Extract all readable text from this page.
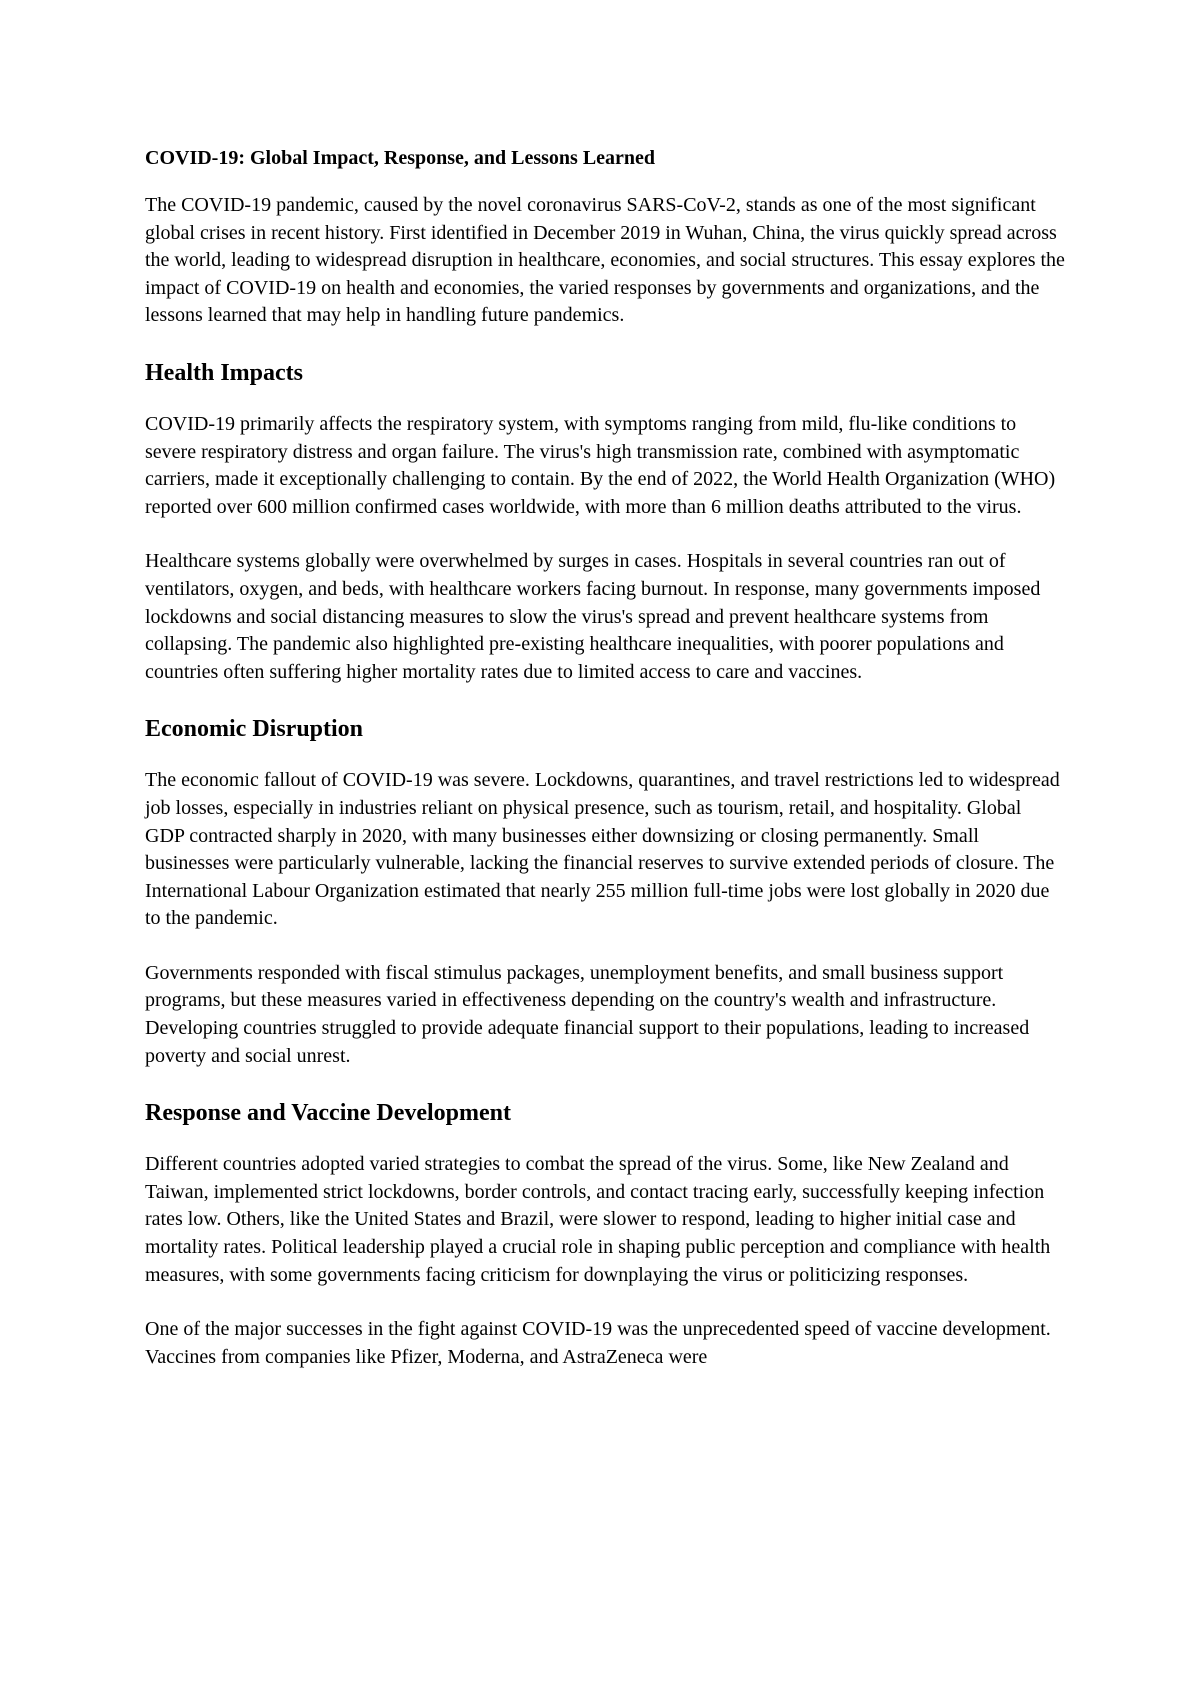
COVID-19: Global Impact, Response, and Lessons Learned

The COVID-19 pandemic, caused by the novel coronavirus SARS-CoV-2, stands as one of the most significant global crises in recent history. First identified in December 2019 in Wuhan, China, the virus quickly spread across the world, leading to widespread disruption in healthcare, economies, and social structures. This essay explores the impact of COVID-19 on health and economies, the varied responses by governments and organizations, and the lessons learned that may help in handling future pandemics.

Health Impacts

COVID-19 primarily affects the respiratory system, with symptoms ranging from mild, flu-like conditions to severe respiratory distress and organ failure. The virus's high transmission rate, combined with asymptomatic carriers, made it exceptionally challenging to contain. By the end of 2022, the World Health Organization (WHO) reported over 600 million confirmed cases worldwide, with more than 6 million deaths attributed to the virus.

Healthcare systems globally were overwhelmed by surges in cases. Hospitals in several countries ran out of ventilators, oxygen, and beds, with healthcare workers facing burnout. In response, many governments imposed lockdowns and social distancing measures to slow the virus's spread and prevent healthcare systems from collapsing. The pandemic also highlighted pre-existing healthcare inequalities, with poorer populations and countries often suffering higher mortality rates due to limited access to care and vaccines.

Economic Disruption

The economic fallout of COVID-19 was severe. Lockdowns, quarantines, and travel restrictions led to widespread job losses, especially in industries reliant on physical presence, such as tourism, retail, and hospitality. Global GDP contracted sharply in 2020, with many businesses either downsizing or closing permanently. Small businesses were particularly vulnerable, lacking the financial reserves to survive extended periods of closure. The International Labour Organization estimated that nearly 255 million full-time jobs were lost globally in 2020 due to the pandemic.

Governments responded with fiscal stimulus packages, unemployment benefits, and small business support programs, but these measures varied in effectiveness depending on the country's wealth and infrastructure. Developing countries struggled to provide adequate financial support to their populations, leading to increased poverty and social unrest.

Response and Vaccine Development

Different countries adopted varied strategies to combat the spread of the virus. Some, like New Zealand and Taiwan, implemented strict lockdowns, border controls, and contact tracing early, successfully keeping infection rates low. Others, like the United States and Brazil, were slower to respond, leading to higher initial case and mortality rates. Political leadership played a crucial role in shaping public perception and compliance with health measures, with some governments facing criticism for downplaying the virus or politicizing responses.

One of the major successes in the fight against COVID-19 was the unprecedented speed of vaccine development. Vaccines from companies like Pfizer, Moderna, and AstraZeneca were
